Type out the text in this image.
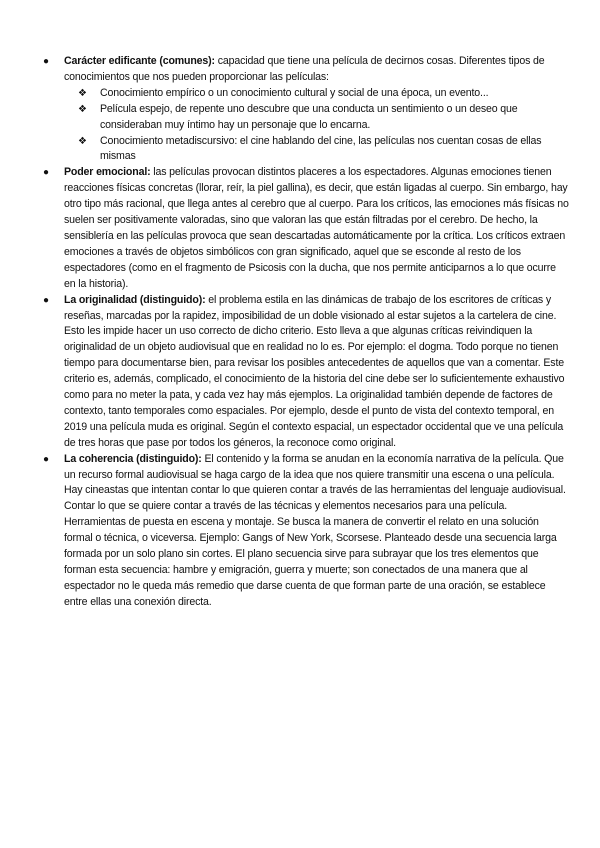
● Carácter edificante (comunes): capacidad que tiene una película de decirnos cosas. Diferentes tipos de conocimientos que nos pueden proporcionar las películas:
❖ Conocimiento empírico o un conocimiento cultural y social de una época, un evento...
❖ Película espejo, de repente uno descubre que una conducta un sentimiento o un deseo que consideraban muy íntimo hay un personaje que lo encarna.
❖ Conocimiento metadiscursivo: el cine hablando del cine, las películas nos cuentan cosas de ellas mismas
● Poder emocional: las películas provocan distintos placeres a los espectadores. Algunas emociones tienen reacciones físicas concretas (llorar, reír, la piel gallina), es decir, que están ligadas al cuerpo. Sin embargo, hay otro tipo más racional, que llega antes al cerebro que al cuerpo. Para los críticos, las emociones más físicas no suelen ser positivamente valoradas, sino que valoran las que están filtradas por el cerebro. De hecho, la sensiblería en las películas provoca que sean descartadas automáticamente por la crítica. Los críticos extraen emociones a través de objetos simbólicos con gran significado, aquel que se esconde al resto de los espectadores (como en el fragmento de Psicosis con la ducha, que nos permite anticiparnos a lo que ocurre en la historia).
● La originalidad (distinguido): el problema estila en las dinámicas de trabajo de los escritores de críticas y reseñas, marcadas por la rapidez, imposibilidad de un doble visionado al estar sujetos a la cartelera de cine. Esto les impide hacer un uso correcto de dicho criterio. Esto lleva a que algunas críticas reivindiquen la originalidad de un objeto audiovisual que en realidad no lo es. Por ejemplo: el dogma. Todo porque no tienen tiempo para documentarse bien, para revisar los posibles antecedentes de aquellos que van a comentar. Este criterio es, además, complicado, el conocimiento de la historia del cine debe ser lo suficientemente exhaustivo como para no meter la pata, y cada vez hay más ejemplos. La originalidad también depende de factores de contexto, tanto temporales como espaciales. Por ejemplo, desde el punto de vista del contexto temporal, en 2019 una película muda es original. Según el contexto espacial, un espectador occidental que ve una película de tres horas que pase por todos los géneros, la reconoce como original.
● La coherencia (distinguido): El contenido y la forma se anudan en la economía narrativa de la película. Que un recurso formal audiovisual se haga cargo de la idea que nos quiere transmitir una escena o una película. Hay cineastas que intentan contar lo que quieren contar a través de las herramientas del lenguaje audiovisual. Contar lo que se quiere contar a través de las técnicas y elementos necesarios para una película. Herramientas de puesta en escena y montaje. Se busca la manera de convertir el relato en una solución formal o técnica, o viceversa. Ejemplo: Gangs of New York, Scorsese. Planteado desde una secuencia larga formada por un solo plano sin cortes. El plano secuencia sirve para subrayar que los tres elementos que forman esta secuencia: hambre y emigración, guerra y muerte; son conectados de una manera que al espectador no le queda más remedio que darse cuenta de que forman parte de una oración, se establece entre ellas una conexión directa.
